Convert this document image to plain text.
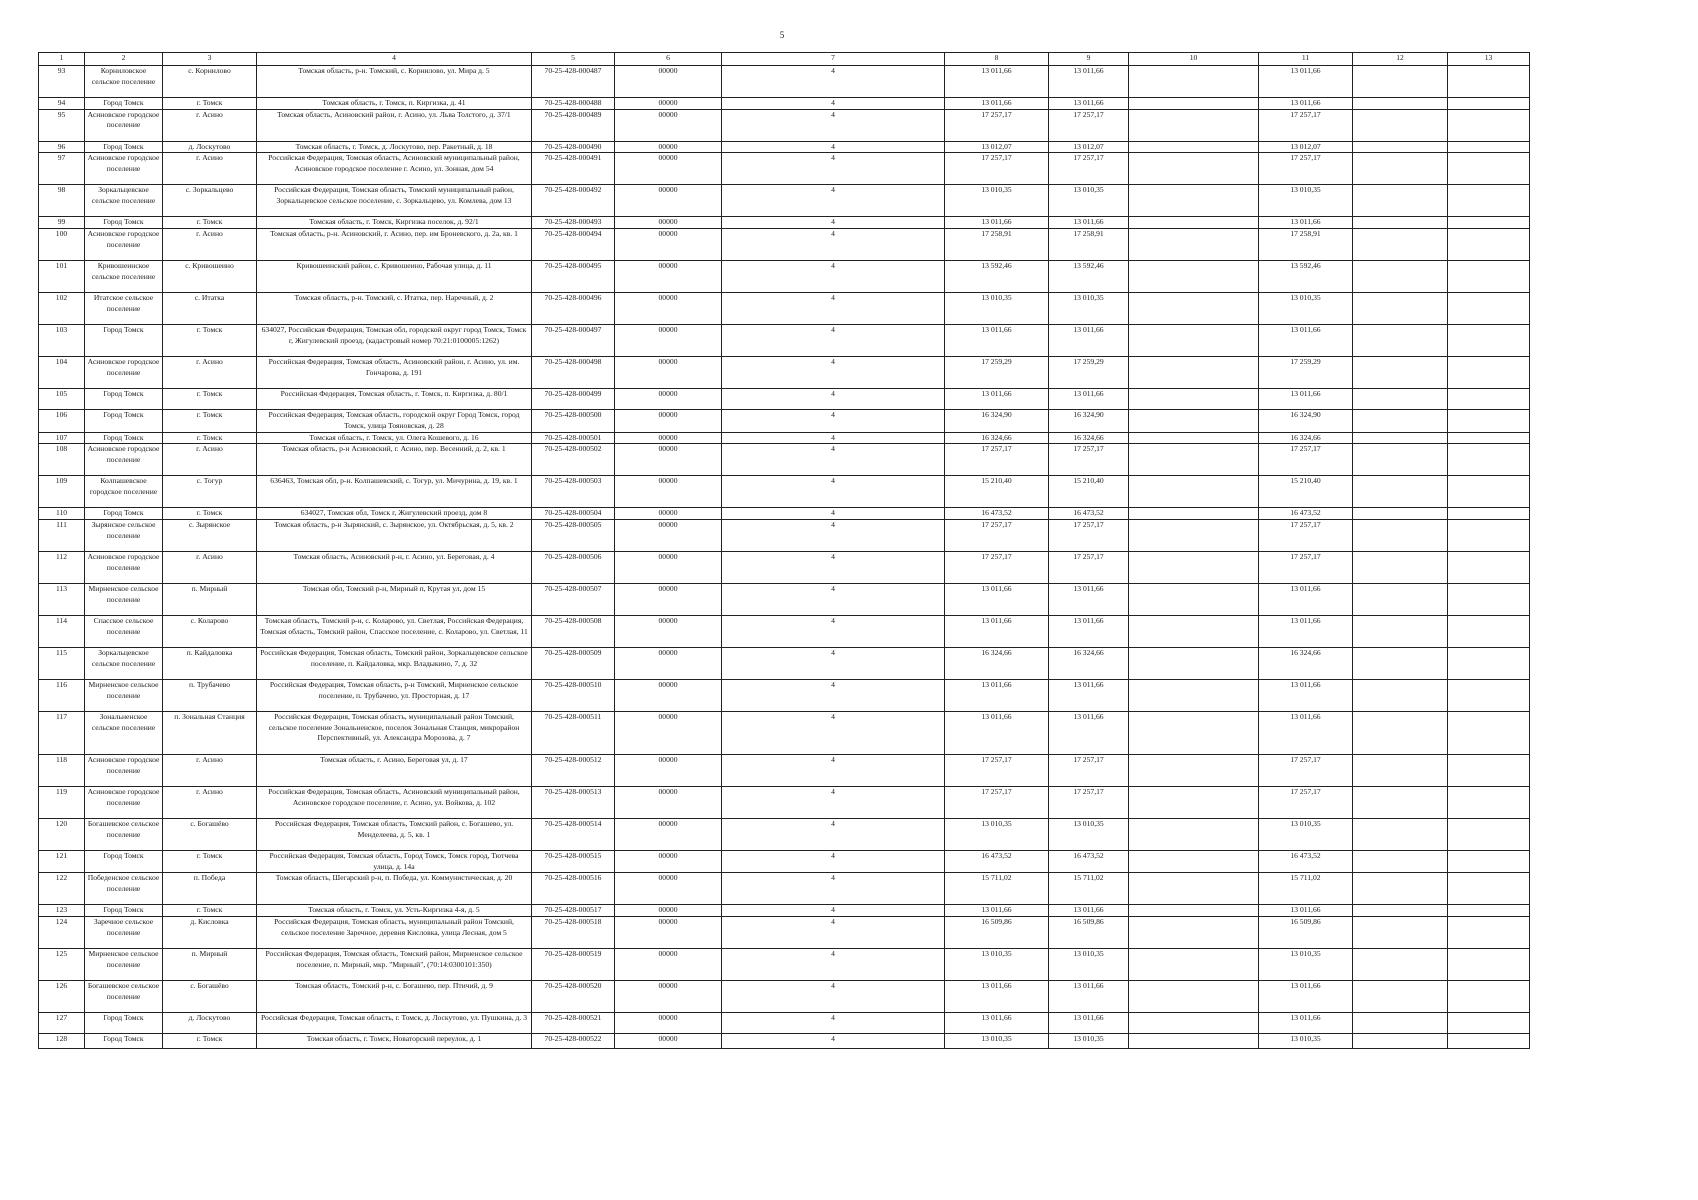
5
1	2	3	4	5	6	7	8	9	10	11	12	13
93	Корниловское сельское поселение	с. Корнилово	Томская область, р-н. Томский, с. Корнилово, ул. Мира д. 5	70-25-428-000487	00000	4	13 011,66	13 011,66		13 011,66		
94	Город Томск	г. Томск	Томская область, г. Томск, п. Киргизка, д. 41	70-25-428-000488	00000	4	13 011,66	13 011,66		13 011,66		
95	Асиновское городское поселение	г. Асино	Томская область, Асиновский район, г. Асино, ул. Льва Толстого, д. 37/1	70-25-428-000489	00000	4	17 257,17	17 257,17		17 257,17		
96	Город Томск	д. Лоскутово	Томская область, г. Томск, д. Лоскутово, пер. Ракетный, д. 18	70-25-428-000490	00000	4	13 012,07	13 012,07		13 012,07		
97	Асиновское городское поселение	г. Асино	Российская Федерация, Томская область, Асиновский муниципальный район, Асиновское городское поселение г. Асино, ул. Зонная, дом 54	70-25-428-000491	00000	4	17 257,17	17 257,17		17 257,17		
98	Зоркальцевское сельское поселение	с. Зоркальцево	Российская Федерация, Томская область, Томский муниципальный район, Зоркальцевское сельское поселение, с. Зоркальцево, ул. Комлева, дом 13	70-25-428-000492	00000	4	13 010,35	13 010,35		13 010,35		
99	Город Томск	г. Томск	Томская область, г. Томск, Киргизка поселок, д. 92/1	70-25-428-000493	00000	4	13 011,66	13 011,66		13 011,66		
100	Асиновское городское поселение	г. Асино	Томская область, р-н. Асиновский, г. Асино, пер. им Броневского, д. 2а, кв. 1	70-25-428-000494	00000	4	17 258,91	17 258,91		17 258,91		
101	Кривошеинское сельское поселение	с. Кривошеино	Кривошеинский район, с. Кривошеино, Рабочая улица, д. 11	70-25-428-000495	00000	4	13 592,46	13 592,46		13 592,46		
102	Итатское сельское поселение	с. Итатка	Томская область, р-н. Томский, с. Итатка, пер. Наречный, д. 2	70-25-428-000496	00000	4	13 010,35	13 010,35		13 010,35		
103	Город Томск	г. Томск	634027, Российская Федерация, Томская обл, городской округ город Томск, Томск г, Жигулевский проезд, (кадастровый номер 70:21:0100005:1262)	70-25-428-000497	00000	4	13 011,66	13 011,66		13 011,66		
104	Асиновское городское поселение	г. Асино	Российская Федерация, Томская область, Асиновский район, г. Асино, ул. им. Гончарова, д. 191	70-25-428-000498	00000	4	17 259,29	17 259,29		17 259,29		
105	Город Томск	г. Томск	Российская Федерация, Томская область, г. Томск, п. Киргизка, д. 80/1	70-25-428-000499	00000	4	13 011,66	13 011,66		13 011,66		
106	Город Томск	г. Томск	Российская Федерация, Томская область, городской округ Город Томск, город Томск, улица Тояновская, д. 28	70-25-428-000500	00000	4	16 324,90	16 324,90		16 324,90		
107	Город Томск	г. Томск	Томская область, г. Томск, ул. Олега Кошевого, д. 16	70-25-428-000501	00000	4	16 324,66	16 324,66		16 324,66		
108	Асиновское городское поселение	г. Асино	Томская область, р-н Асиновский, г. Асино, пер. Весенний, д. 2, кв. 1	70-25-428-000502	00000	4	17 257,17	17 257,17		17 257,17		
109	Колпашевское городское поселение	с. Тогур	636463, Томская обл, р-н. Колпашевский, с. Тогур, ул. Мичурина, д. 19, кв. 1	70-25-428-000503	00000	4	15 210,40	15 210,40		15 210,40		
110	Город Томск	г. Томск	634027, Томская обл, Томск г, Жигулевский проезд, дом 8	70-25-428-000504	00000	4	16 473,52	16 473,52		16 473,52		
111	Зырянское сельское поселение	с. Зырянское	Томская область, р-н Зырянский, с. Зырянское, ул. Октябрьская, д. 5, кв. 2	70-25-428-000505	00000	4	17 257,17	17 257,17		17 257,17		
112	Асиновское городское поселение	г. Асино	Томская область, Асиновский р-н, г. Асино, ул. Береговая, д. 4	70-25-428-000506	00000	4	17 257,17	17 257,17		17 257,17		
113	Мирненское сельское поселение	п. Мирный	Томская обл, Томский р-н, Мирный п, Крутая ул, дом 15	70-25-428-000507	00000	4	13 011,66	13 011,66		13 011,66		
114	Спасское сельское поселение	с. Коларово	Томская область, Томский р-н, с. Коларово, ул. Светлая, Российская Федерация, Томская область, Томский район, Спасское поселение, с. Коларово, ул. Светлая, 11	70-25-428-000508	00000	4	13 011,66	13 011,66		13 011,66		
115	Зоркальцевское сельское поселение	п. Кайдаловка	Российская Федерация, Томская область, Томский район, Зоркальцевское сельское поселение, п. Кайдаловка, мкр. Владыкино, 7, д. 32	70-25-428-000509	00000	4	16 324,66	16 324,66		16 324,66		
116	Мирненское сельское поселение	п. Трубачево	Российская Федерация, Томская область, р-н Томский, Мирненское сельское поселение, п. Трубачево, ул. Просторная, д. 17	70-25-428-000510	00000	4	13 011,66	13 011,66		13 011,66		
117	Зональненское сельское поселение	п. Зональная Станция	Российская Федерация, Томская область, муниципальный район Томский, сельское поселение Зональненское, поселок Зональная Станция, микрорайон Перспективный, ул. Александра Морозова, д. 7	70-25-428-000511	00000	4	13 011,66	13 011,66		13 011,66		
118	Асиновское городское поселение	г. Асино	Томская область, г. Асино, Береговая ул, д. 17	70-25-428-000512	00000	4	17 257,17	17 257,17		17 257,17		
119	Асиновское городское поселение	г. Асино	Российская Федерация, Томская область, Асиновский муниципальный район, Асиновское городское поселение, г. Асино, ул. Войкова, д. 102	70-25-428-000513	00000	4	17 257,17	17 257,17		17 257,17		
120	Богашевское сельское поселение	с. Богашёво	Российская Федерация, Томская область, Томский район, с. Богашево, ул. Менделеева, д. 5, кв. 1	70-25-428-000514	00000	4	13 010,35	13 010,35		13 010,35		
121	Город Томск	г. Томск	Российская Федерация, Томская область, Город Томск, Томск город, Тютчева улица, д. 14а	70-25-428-000515	00000	4	16 473,52	16 473,52		16 473,52		
122	Победенское сельское поселение	п. Победа	Томская область, Шегарский р-н, п. Победа, ул. Коммунистическая, д. 20	70-25-428-000516	00000	4	15 711,02	15 711,02		15 711,02		
123	Город Томск	г. Томск	Томская область, г. Томск, ул. Усть-Киргизка 4-я, д. 5	70-25-428-000517	00000	4	13 011,66	13 011,66		13 011,66		
124	Заречное сельское поселение	д. Кисловка	Российская Федерация, Томская область, муниципальный район Томский, сельское поселение Заречное, деревня Кисловка, улица Лесная, дом 5	70-25-428-000518	00000	4	16 509,86	16 509,86		16 509,86		
125	Мирненское сельское поселение	п. Мирный	Российская Федерация, Томская область, Томский район, Мирненское сельское поселение, п. Мирный, мкр. "Мирный", (70:14:0300101:350)	70-25-428-000519	00000	4	13 010,35	13 010,35		13 010,35		
126	Богашевское сельское поселение	с. Богашёво	Томская область, Томский р-н, с. Богашево, пер. Птичий, д. 9	70-25-428-000520	00000	4	13 011,66	13 011,66		13 011,66		
127	Город Томск	д. Лоскутово	Российская Федерация, Томская область, г. Томск, д. Лоскутово, ул. Пушкина, д. 3	70-25-428-000521	00000	4	13 011,66	13 011,66		13 011,66		
128	Город Томск	г. Томск	Томская область, г. Томск, Новаторский переулок, д. 1	70-25-428-000522	00000	4	13 010,35	13 010,35		13 010,35		
